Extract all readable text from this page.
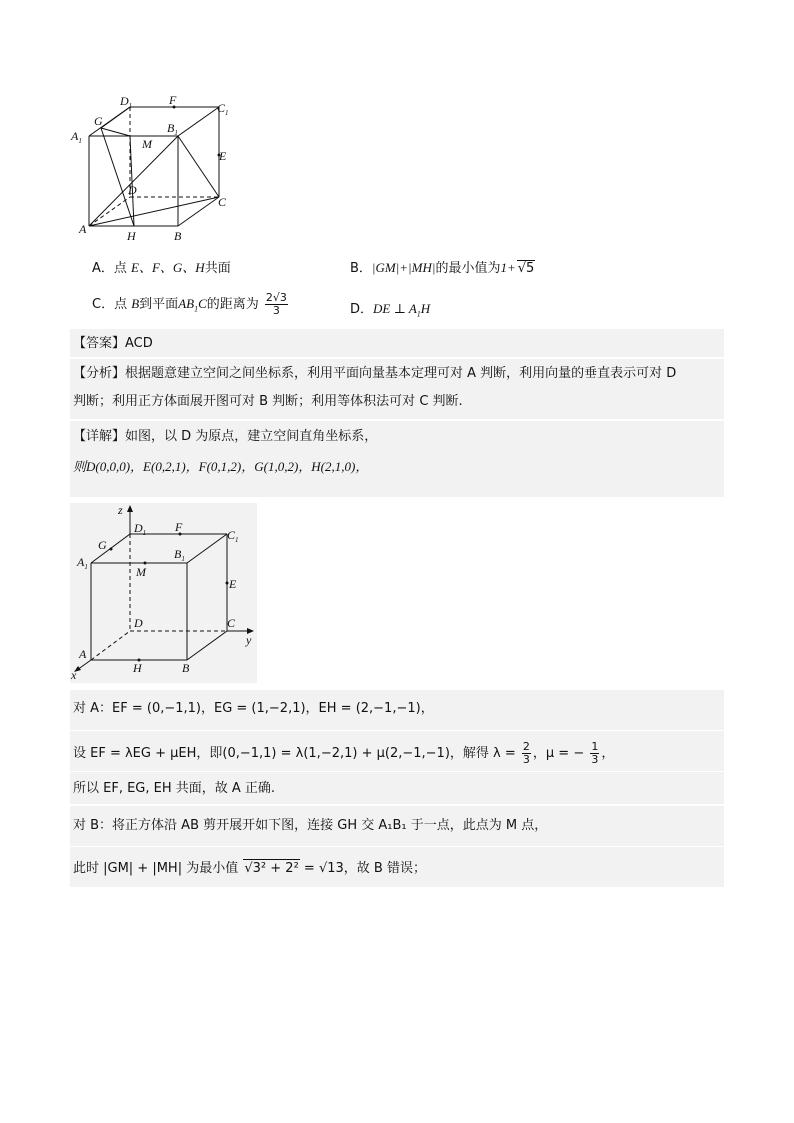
$A_1$
G
$D_1$	F
$C_1$
$B_1$
M
E
D
C
A	H	B
A．点 E、F、G、H共面	B．|GM|+|MH|的最小值为1+ √5
C．点 B到平面$AB_1C$的距离为 $\frac{2√3}{3}$	D．DE ⊥ $A_1H$
【答案】ACD
【分析】根据题意建立空间之间坐标系，利用平面向量基本定理可对 A 判断，利用向量的垂直表示可对 D
判断；利用正方体面展开图可对 B 判断；利用等体积法可对 C 判断.
【详解】如图，以 D 为原点，建立空间直角坐标系，
则D(0,0,0)，E(0,2,1)，F(0,1,2)，G(1,0,2)，H(2,1,0)，
z
y
x
$D_1$ F
$C_1$
G
$B_1$
$A_1$	M
E
D	C
A
H	B
对 A：EF = (0,−1,1)，EG = (1,−2,1)，EH = (2,−1,−1)，
设 EF = λEG + μEH，即(0,−1,1) = λ(1,−2,1) + μ(2,−1,−1)，解得 $\lambda = \frac{2}{3}$ ，μ = − $\frac{1}{3}$ ，
所以 EF, EG, EH 共面，故 A 正确.
对 B：将正方体沿 AB 剪开展开如下图，连接 GH 交 A₁B₁ 于一点，此点为 M 点，
此时 |GM| + |MH| 为最小值 √3² + 2² = √13，故 B 错误；
